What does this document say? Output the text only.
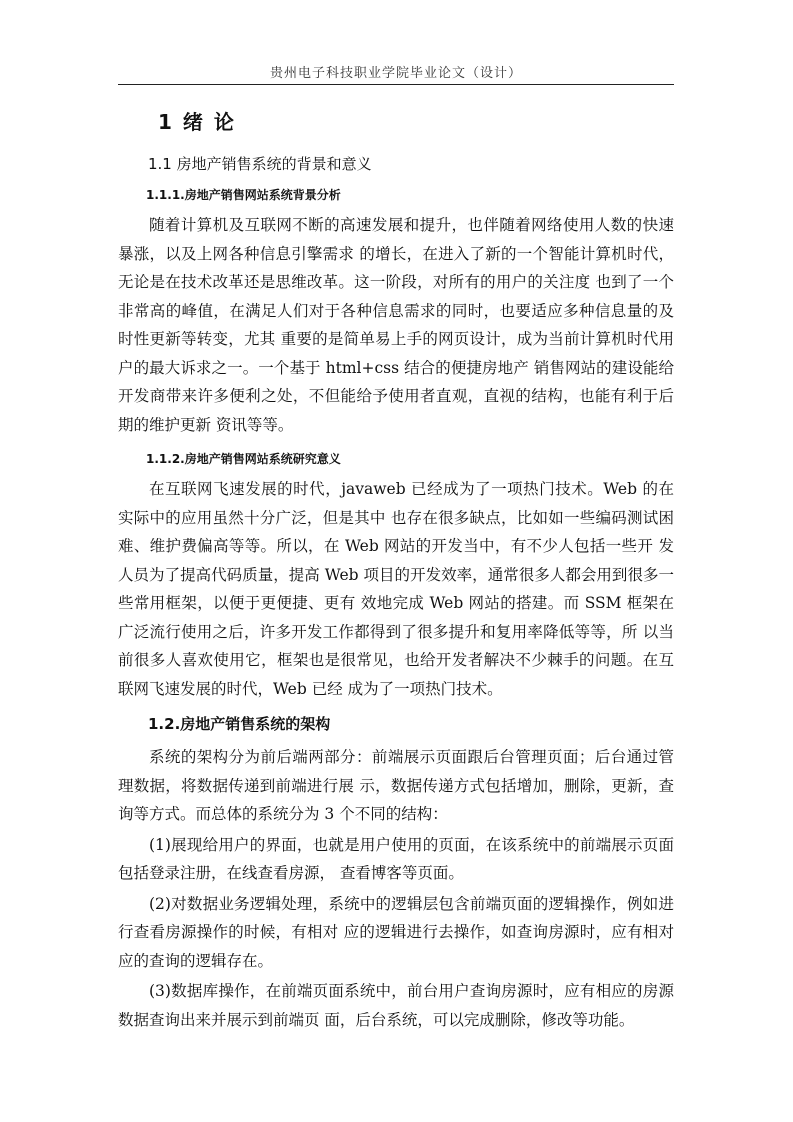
贵州电子科技职业学院毕业论文（设计）
1 绪 论
1.1 房地产销售系统的背景和意义
1.1.1.房地产销售网站系统背景分析

随着计算机及互联网不断的高速发展和提升，也伴随着网络使用人数的快速暴涨，以及上网各种信息引擎需求 的增长，在进入了新的一个智能计算机时代，无论是在技术改革还是思维改革。这一阶段，对所有的用户的关注度 也到了一个非常高的峰值，在满足人们对于各种信息需求的同时，也要适应多种信息量的及时性更新等转变，尤其 重要的是简单易上手的网页设计，成为当前计算机时代用户的最大诉求之一。一个基于 html+css 结合的便捷房地产 销售网站的建设能给开发商带来许多便利之处，不但能给予使用者直观，直视的结构，也能有利于后期的维护更新 资讯等等。

1.1.2.房地产销售网站系统研究意义

在互联网飞速发展的时代，javaweb 已经成为了一项热门技术。Web 的在实际中的应用虽然十分广泛，但是其中 也存在很多缺点，比如如一些编码测试困难、维护费偏高等等。所以，在 Web 网站的开发当中，有不少人包括一些开 发人员为了提高代码质量，提高 Web 项目的开发效率，通常很多人都会用到很多一些常用框架，以便于更便捷、更有 效地完成 Web 网站的搭建。而 SSM 框架在广泛流行使用之后，许多开发工作都得到了很多提升和复用率降低等等，所 以当前很多人喜欢使用它，框架也是很常见，也给开发者解决不少棘手的问题。在互联网飞速发展的时代，Web 已经 成为了一项热门技术。

1.2.房地产销售系统的架构

系统的架构分为前后端两部分：前端展示页面跟后台管理页面；后台通过管理数据，将数据传递到前端进行展 示，数据传递方式包括增加，删除，更新，查询等方式。而总体的系统分为 3 个不同的结构：

(1)展现给用户的界面，也就是用户使用的页面，在该系统中的前端展示页面包括登录注册，在线查看房源， 查看博客等页面。

(2)对数据业务逻辑处理，系统中的逻辑层包含前端页面的逻辑操作，例如进行查看房源操作的时候，有相对 应的逻辑进行去操作，如查询房源时，应有相对应的查询的逻辑存在。

(3)数据库操作，在前端页面系统中，前台用户查询房源时，应有相应的房源数据查询出来并展示到前端页 面，后台系统，可以完成删除，修改等功能。
